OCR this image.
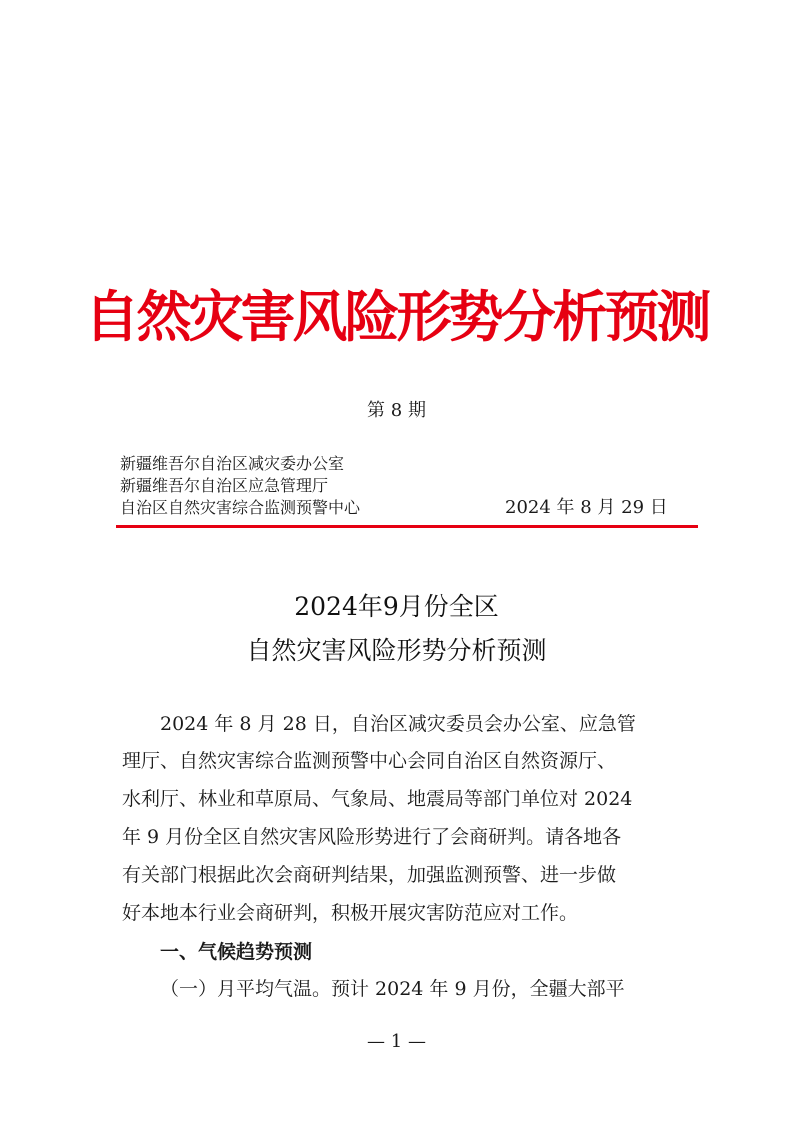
自然灾害风险形势分析预测
第 8 期
新疆维吾尔自治区减灾委办公室
新疆维吾尔自治区应急管理厅
自治区自然灾害综合监测预警中心	2024 年 8 月 29 日
2024年9月份全区
自然灾害风险形势分析预测
2024 年 8 月 28 日，自治区减灾委员会办公室、应急管
理厅、自然灾害综合监测预警中心会同自治区自然资源厅、
水利厅、林业和草原局、气象局、地震局等部门单位对 2024
年 9 月份全区自然灾害风险形势进行了会商研判。请各地各
有关部门根据此次会商研判结果，加强监测预警、进一步做
好本地本行业会商研判，积极开展灾害防范应对工作。
一、气候趋势预测
（一）月平均气温。预计 2024 年 9 月份，全疆大部平
— 1 —
